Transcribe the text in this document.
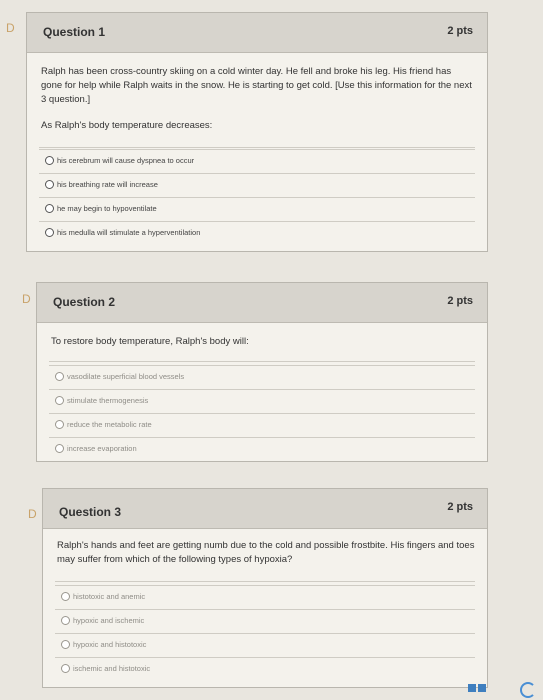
D	Question 1	2 pts
Ralph has been cross-country skiing on a cold winter day. He fell and broke his leg. His friend has gone for help while Ralph waits in the snow. He is starting to get cold. [Use this information for the next 3 question.]
As Ralph's body temperature decreases:
his cerebrum will cause dyspnea to occur
his breathing rate will increase
he may begin to hypoventilate
his medulla will stimulate a hyperventilation
D	Question 2	2 pts
To restore body temperature, Ralph's body will:
vasodilate superficial blood vessels
stimulate thermogenesis
reduce the metabolic rate
increase evaporation
D	Question 3	2 pts
Ralph's hands and feet are getting numb due to the cold and possible frostbite. His fingers and toes may suffer from which of the following types of hypoxia?
histotoxic and anemic
hypoxic and ischemic
hypoxic and histotoxic
ischemic and histotoxic
